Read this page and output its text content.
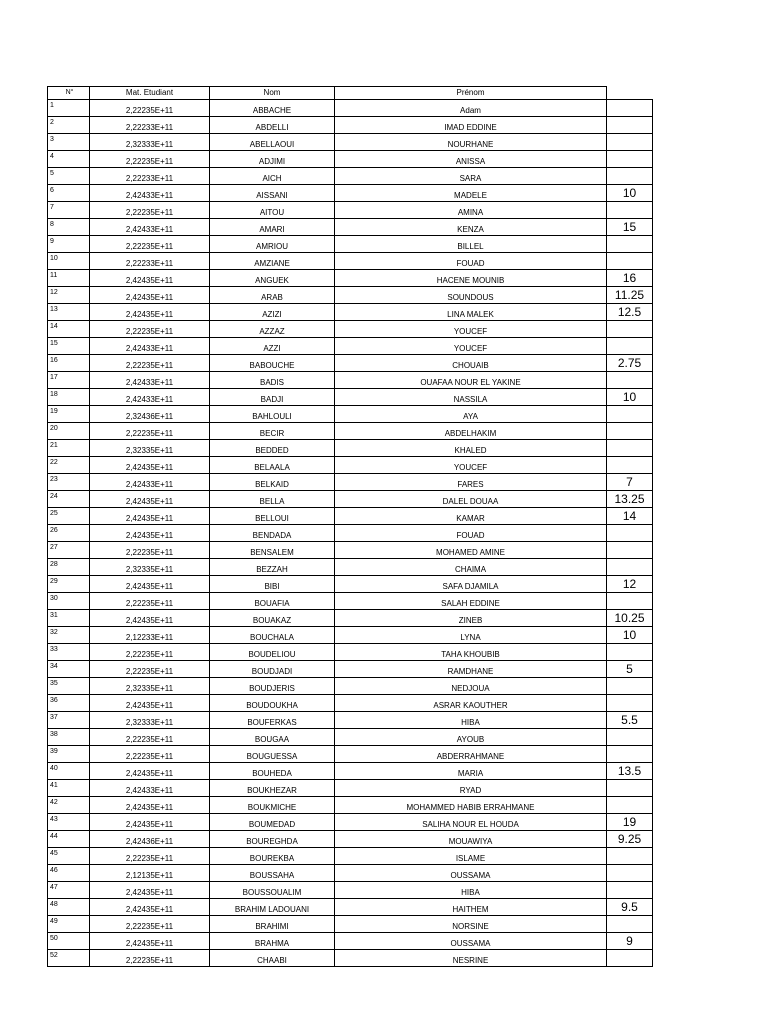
N°	Mat. Etudiant	Nom	Prénom	
1	2,22235E+11	ABBACHE	Adam	
2	2,22233E+11	ABDELLI	IMAD EDDINE	
3	2,32333E+11	ABELLAOUI	NOURHANE	
4	2,22235E+11	ADJIMI	ANISSA	
5	2,22233E+11	AICH	SARA	
6	2,42433E+11	AISSANI	MADELE	10
7	2,22235E+11	AITOU	AMINA	
8	2,42433E+11	AMARI	KENZA	15
9	2,22235E+11	AMRIOU	BILLEL	
10	2,22233E+11	AMZIANE	FOUAD	
11	2,42435E+11	ANGUEK	HACENE MOUNIB	16
12	2,42435E+11	ARAB	SOUNDOUS	11.25
13	2,42435E+11	AZIZI	LINA MALEK	12.5
14	2,22235E+11	AZZAZ	YOUCEF	
15	2,42433E+11	AZZI	YOUCEF	
16	2,22235E+11	BABOUCHE	CHOUAIB	2.75
17	2,42433E+11	BADIS	OUAFAA NOUR EL YAKINE	
18	2,42433E+11	BADJI	NASSILA	10
19	2,32436E+11	BAHLOULI	AYA	
20	2,22235E+11	BECIR	ABDELHAKIM	
21	2,32335E+11	BEDDED	KHALED	
22	2,42435E+11	BELAALA	YOUCEF	
23	2,42433E+11	BELKAID	FARES	7
24	2,42435E+11	BELLA	DALEL DOUAA	13.25
25	2,42435E+11	BELLOUI	KAMAR	14
26	2,42435E+11	BENDADA	FOUAD	
27	2,22235E+11	BENSALEM	MOHAMED AMINE	
28	2,32335E+11	BEZZAH	CHAIMA	
29	2,42435E+11	BIBI	SAFA DJAMILA	12
30	2,22235E+11	BOUAFIA	SALAH EDDINE	
31	2,42435E+11	BOUAKAZ	ZINEB	10.25
32	2,12233E+11	BOUCHALA	LYNA	10
33	2,22235E+11	BOUDELIOU	TAHA KHOUBIB	
34	2,22235E+11	BOUDJADI	RAMDHANE	5
35	2,32335E+11	BOUDJERIS	NEDJOUA	
36	2,42435E+11	BOUDOUKHA	ASRAR KAOUTHER	
37	2,32333E+11	BOUFERKAS	HIBA	5.5
38	2,22235E+11	BOUGAA	AYOUB	
39	2,22235E+11	BOUGUESSA	ABDERRAHMANE	
40	2,42435E+11	BOUHEDA	MARIA	13.5
41	2,42433E+11	BOUKHEZAR	RYAD	
42	2,42435E+11	BOUKMICHE	MOHAMMED HABIB ERRAHMANE	
43	2,42435E+11	BOUMEDAD	SALIHA NOUR EL HOUDA	19
44	2,42436E+11	BOUREGHDA	MOUAWIYA	9.25
45	2,22235E+11	BOUREKBA	ISLAME	
46	2,12135E+11	BOUSSAHA	OUSSAMA	
47	2,42435E+11	BOUSSOUALIM	HIBA	
48	2,42435E+11	BRAHIM LADOUANI	HAITHEM	9.5
49	2,22235E+11	BRAHIMI	NORSINE	
50	2,42435E+11	BRAHMA	OUSSAMA	9
52	2,22235E+11	CHAABI	NESRINE	
